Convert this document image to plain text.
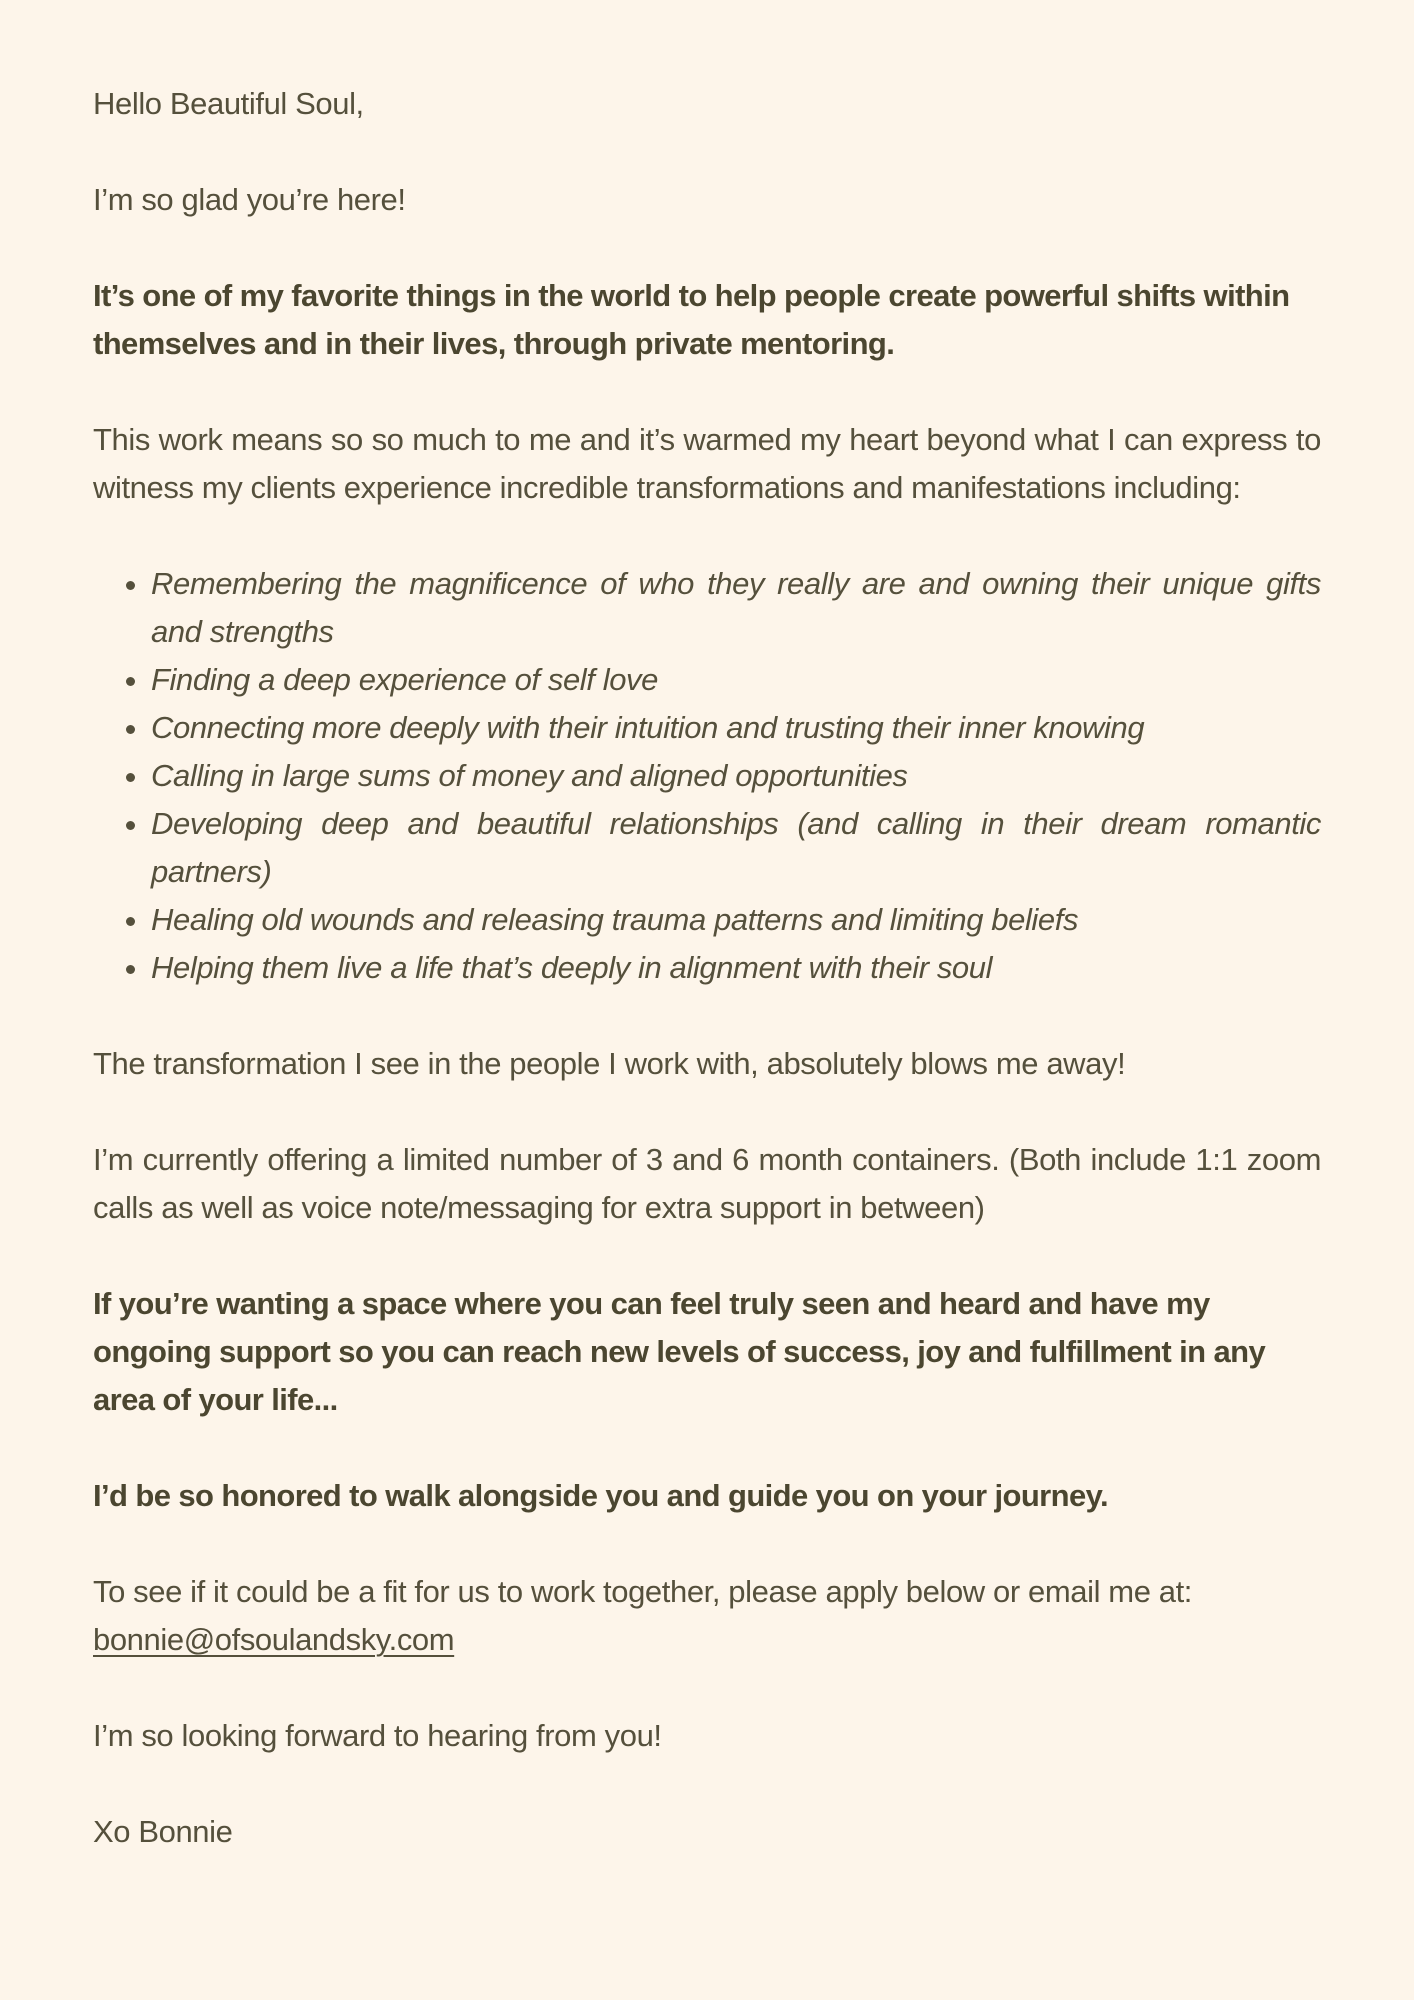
Hello Beautiful Soul,

I’m so glad you’re here!

It’s one of my favorite things in the world to help people create powerful shifts within themselves and in their lives, through private mentoring.

This work means so so much to me and it’s warmed my heart beyond what I can express to witness my clients experience incredible transformations and manifestations including:

• Remembering the magnificence of who they really are and owning their unique gifts and strengths
• Finding a deep experience of self love
• Connecting more deeply with their intuition and trusting their inner knowing
• Calling in large sums of money and aligned opportunities
• Developing deep and beautiful relationships (and calling in their dream romantic partners)
• Healing old wounds and releasing trauma patterns and limiting beliefs
• Helping them live a life that’s deeply in alignment with their soul

The transformation I see in the people I work with, absolutely blows me away!

I’m currently offering a limited number of 3 and 6 month containers. (Both include 1:1 zoom calls as well as voice note/messaging for extra support in between)

If you’re wanting a space where you can feel truly seen and heard and have my ongoing support so you can reach new levels of success, joy and fulfillment in any area of your life...

I’d be so honored to walk alongside you and guide you on your journey.

To see if it could be a fit for us to work together, please apply below or email me at:
bonnie@ofsoulandsky.com

I’m so looking forward to hearing from you!

Xo Bonnie
